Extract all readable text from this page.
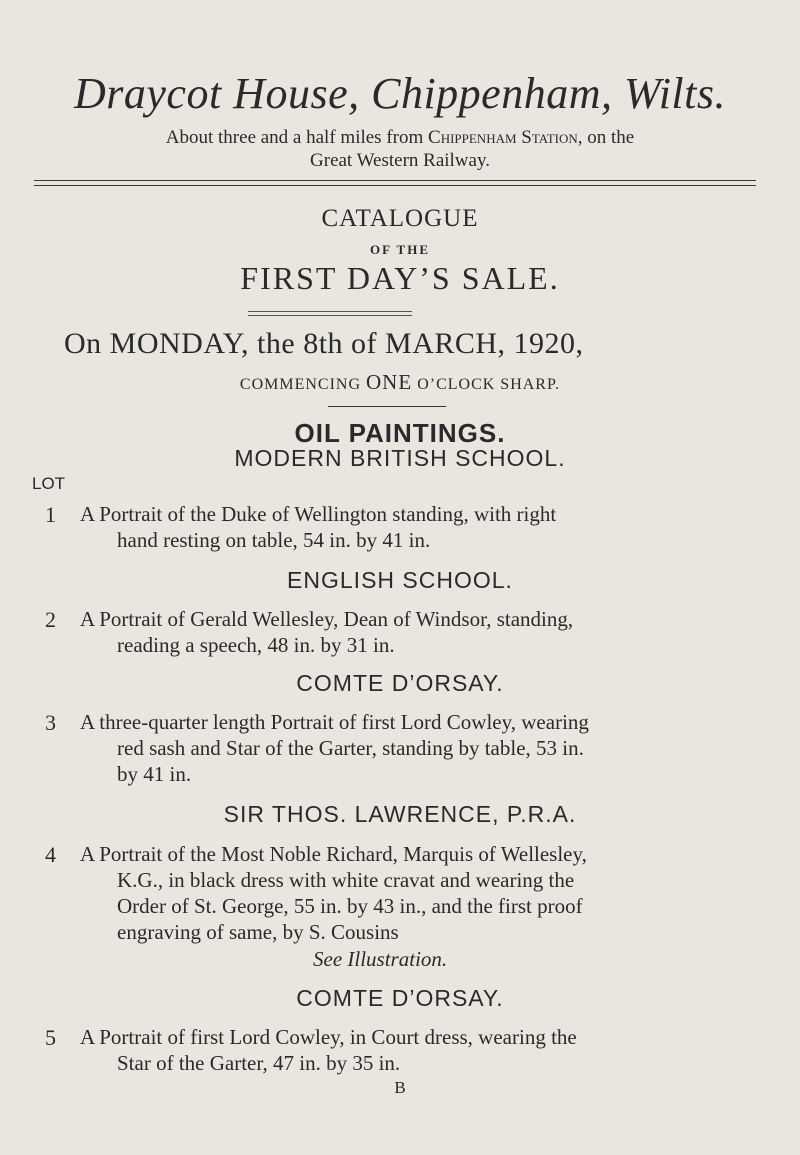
Draycot House, Chippenham, Wilts.
About three and a half miles from Chippenham Station, on the
Great Western Railway.
CATALOGUE
OF THE
FIRST DAY’S SALE.
On MONDAY, the 8th of MARCH, 1920,
COMMENCING ONE O’CLOCK SHARP.
OIL PAINTINGS.
MODERN BRITISH SCHOOL.
LOT
1 A Portrait of the Duke of Wellington standing, with right
hand resting on table, 54 in. by 41 in.
ENGLISH SCHOOL.
2 A Portrait of Gerald Wellesley, Dean of Windsor, standing,
reading a speech, 48 in. by 31 in.
COMTE D’ORSAY.
3 A three-quarter length Portrait of first Lord Cowley, wearing
red sash and Star of the Garter, standing by table, 53 in.
by 41 in.
SIR THOS. LAWRENCE, P.R.A.
4 A Portrait of the Most Noble Richard, Marquis of Wellesley,
K.G., in black dress with white cravat and wearing the
Order of St. George, 55 in. by 43 in., and the first proof
engraving of same, by S. Cousins
See Illustration.
COMTE D’ORSAY.
5 A Portrait of first Lord Cowley, in Court dress, wearing the
Star of the Garter, 47 in. by 35 in.
B
